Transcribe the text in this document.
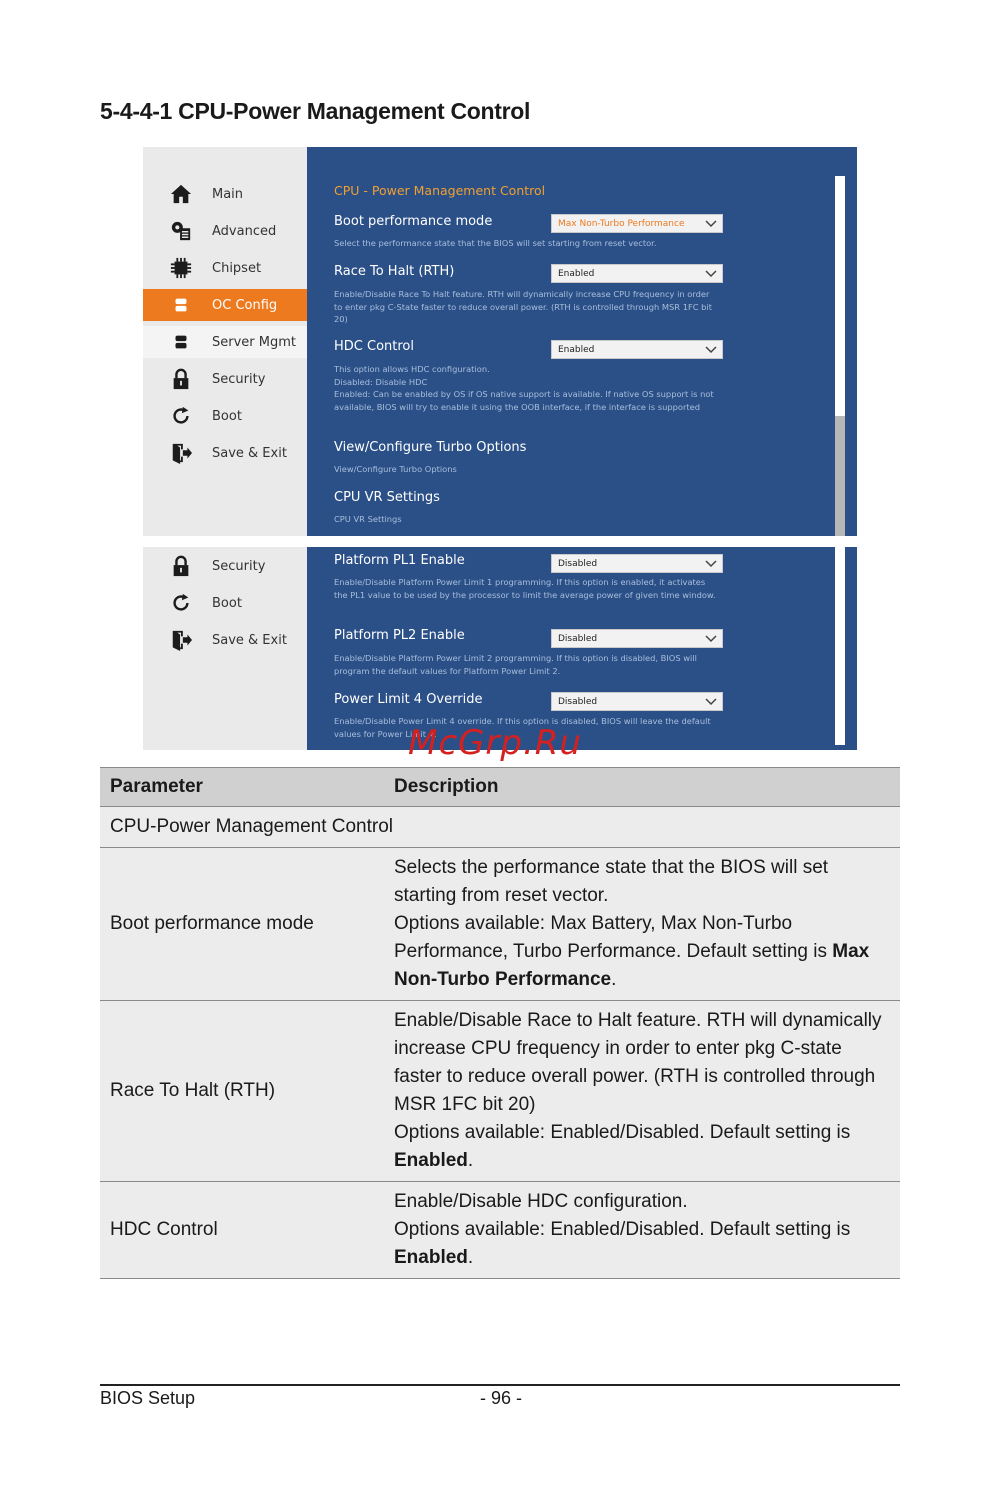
5-4-4-1 CPU-Power Management Control
Main
Advanced
Chipset
OC Config
Server Mgmt
Security
Boot
Save & Exit
CPU - Power Management Control
Boot performance mode	Max Non-Turbo Performance
Select the performance state that the BIOS will set starting from reset vector.
Race To Halt (RTH)	Enabled
Enable/Disable Race To Halt feature. RTH will dynamically increase CPU frequency in order to enter pkg C-State faster to reduce overall power. (RTH is controlled through MSR 1FC bit 20)
HDC Control	Enabled
This option allows HDC configuration.
Disabled: Disable HDC
Enabled: Can be enabled by OS if OS native support is available. If native OS support is not available, BIOS will try to enable it using the OOB interface, if the interface is supported
View/Configure Turbo Options
View/Configure Turbo Options
CPU VR Settings
CPU VR Settings
Security
Boot
Save & Exit
Platform PL1 Enable	Disabled
Enable/Disable Platform Power Limit 1 programming. If this option is enabled, it activates the PL1 value to be used by the processor to limit the average power of given time window.
Platform PL2 Enable	Disabled
Enable/Disable Platform Power Limit 2 programming. If this option is disabled, BIOS will program the default values for Platform Power Limit 2.
Power Limit 4 Override	Disabled
Enable/Disable Power Limit 4 override. If this option is disabled, BIOS will leave the default values for Power Limit 4.
McGrp.Ru
Parameter	Description
CPU-Power Management Control	
Boot performance mode	Selects the performance state that the BIOS will set starting from reset vector.
Options available: Max Battery, Max Non-Turbo Performance, Turbo Performance. Default setting is Max Non-Turbo Performance.

Race To Halt (RTH)	Enable/Disable Race to Halt feature. RTH will dynamically increase CPU frequency in order to enter pkg C-state faster to reduce overall power. (RTH is controlled through MSR 1FC bit 20)
Options available: Enabled/Disabled. Default setting is Enabled.

HDC Control	Enable/Disable HDC configuration.
Options available: Enabled/Disabled. Default setting is Enabled.
BIOS Setup	- 96 -
